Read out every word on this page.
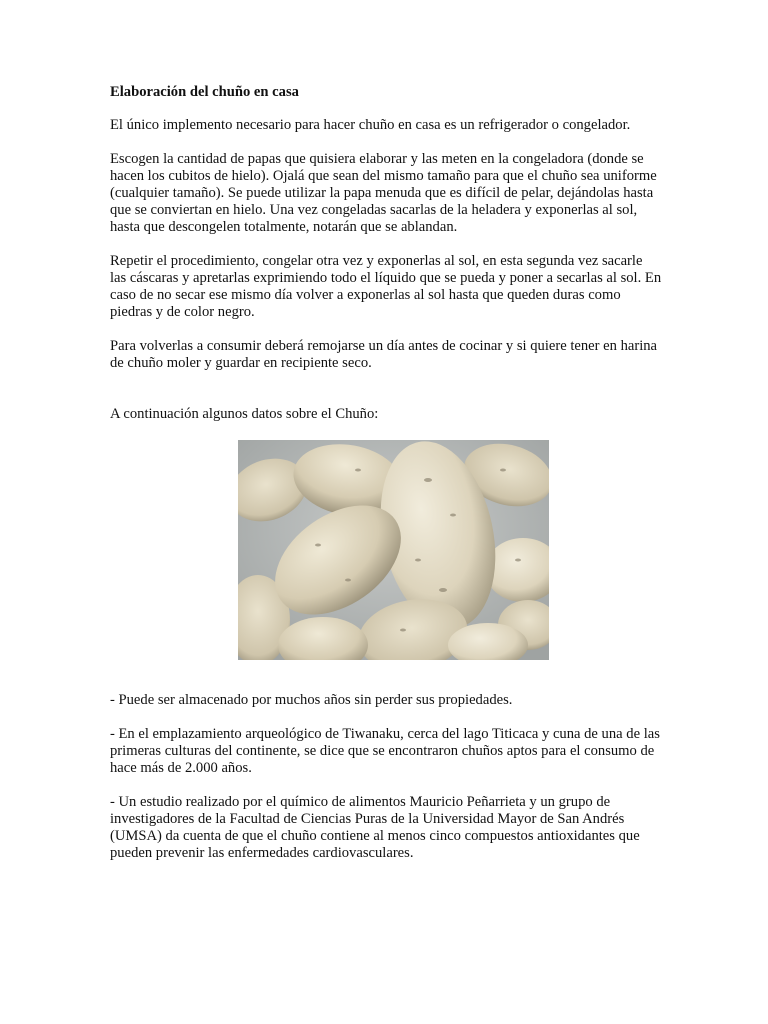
Elaboración del chuño en casa

El único implemento necesario para hacer chuño en casa es un refrigerador o congelador.

Escogen la cantidad de papas que quisiera elaborar y las meten en la congeladora (donde se hacen los cubitos de hielo). Ojalá que sean del mismo tamaño para que el chuño sea uniforme (cualquier tamaño). Se puede utilizar la papa menuda que es difícil de pelar, dejándolas hasta que se conviertan en hielo. Una vez congeladas sacarlas de la heladera y exponerlas al sol, hasta que descongelen totalmente, notarán que se ablandan.

Repetir el procedimiento, congelar otra vez y exponerlas al sol, en esta segunda vez sacarle las cáscaras y apretarlas exprimiendo todo el líquido que se pueda y poner a secarlas al sol. En caso de no secar ese mismo día volver a exponerlas al sol hasta que queden duras como piedras y de color negro.

Para volverlas a consumir deberá remojarse un día antes de cocinar y si quiere tener en harina de chuño moler y guardar en recipiente seco.

A continuación algunos datos sobre el Chuño:

- Puede ser almacenado por muchos años sin perder sus propiedades.

- En el emplazamiento arqueológico de Tiwanaku, cerca del lago Titicaca y cuna de una de las primeras culturas del continente, se dice que se encontraron chuños aptos para el consumo de hace más de 2.000 años.

- Un estudio realizado por el químico de alimentos Mauricio Peñarrieta y un grupo de investigadores de la Facultad de Ciencias Puras de la Universidad Mayor de San Andrés (UMSA) da cuenta de que el chuño contiene al menos cinco compuestos antioxidantes que pueden prevenir las enfermedades cardiovasculares.
